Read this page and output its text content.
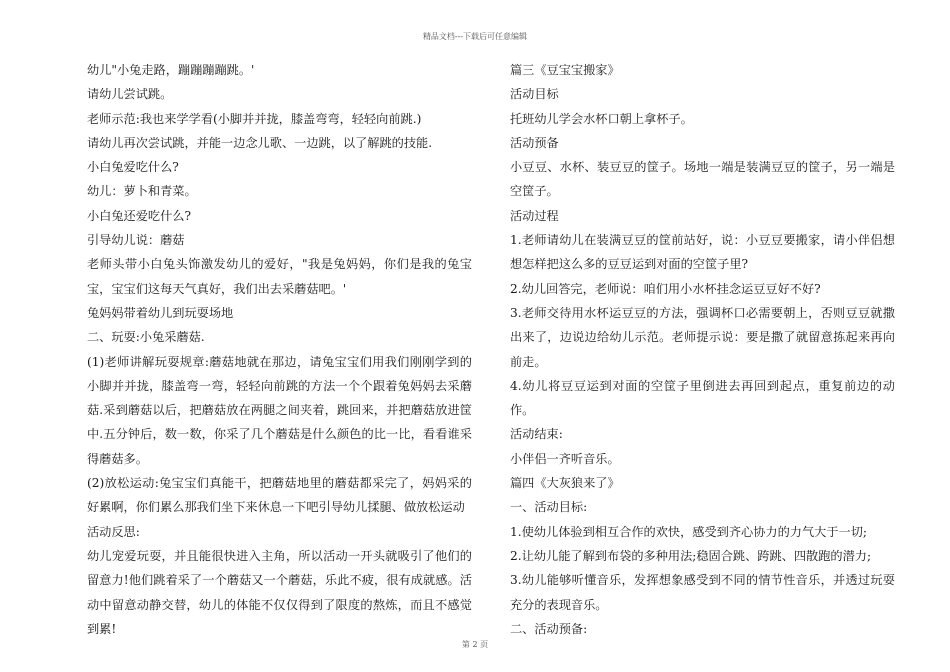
精品文档---下载后可任意编辑

幼儿"小兔走路，蹦蹦蹦蹦跳。'

请幼儿尝试跳。

老师示范:我也来学学看(小脚并并拢，膝盖弯弯，轻轻向前跳.)

请幼儿再次尝试跳，并能一边念儿歌、一边跳，以了解跳的技能.

小白兔爱吃什么?

幼儿：萝卜和青菜。

小白兔还爱吃什么?

引导幼儿说：蘑菇

老师头带小白兔头饰激发幼儿的爱好，"我是兔妈妈，你们是我的兔宝宝，宝宝们这每天气真好，我们出去采蘑菇吧。'

兔妈妈带着幼儿到玩耍场地

二、玩耍:小兔采蘑菇.

(1)老师讲解玩耍规章:蘑菇地就在那边，请兔宝宝们用我们刚刚学到的小脚并并拢，膝盖弯一弯，轻轻向前跳的方法一个个跟着兔妈妈去采蘑菇.采到蘑菇以后，把蘑菇放在两腿之间夹着，跳回来，并把蘑菇放进筐中.五分钟后，数一数，你采了几个蘑菇是什么颜色的比一比，看看谁采得蘑菇多。

(2)放松运动:兔宝宝们真能干，把蘑菇地里的蘑菇都采完了，妈妈采的好累啊，你们累么那我们坐下来休息一下吧引导幼儿揉腿、做放松运动

活动反思:

幼儿宠爱玩耍，并且能很快进入主角，所以活动一开头就吸引了他们的留意力!他们跳着采了一个蘑菇又一个蘑菇，乐此不疲，很有成就感。活动中留意动静交替，幼儿的体能不仅仅得到了限度的熬炼，而且不感觉到累!

篇三《豆宝宝搬家》

活动目标

托班幼儿学会水杯口朝上拿杯子。

活动预备

小豆豆、水杯、装豆豆的筐子。场地一端是装满豆豆的筐子，另一端是空筐子。

活动过程

1.老师请幼儿在装满豆豆的筐前站好，说：小豆豆要搬家，请小伴侣想想怎样把这么多的豆豆运到对面的空筐子里?

2.幼儿回答完，老师说：咱们用小水杯挂念运豆豆好不好?

3.老师交待用水杯运豆豆的方法，强调杯口必需要朝上，否则豆豆就撒出来了，边说边给幼儿示范。老师提示说：要是撒了就留意拣起来再向前走。

4.幼儿将豆豆运到对面的空筐子里倒进去再回到起点，重复前边的动作。

活动结束:

小伴侣一齐听音乐。

篇四《大灰狼来了》

一、活动目标:

1.使幼儿体验到相互合作的欢快，感受到齐心协力的力气大于一切;

2.让幼儿能了解到布袋的多种用法;稳固合跳、跨跳、四散跑的潜力;

3.幼儿能够听懂音乐，发挥想象感受到不同的情节性音乐，并透过玩耍充分的表现音乐。

二、活动预备:

第 2 页
